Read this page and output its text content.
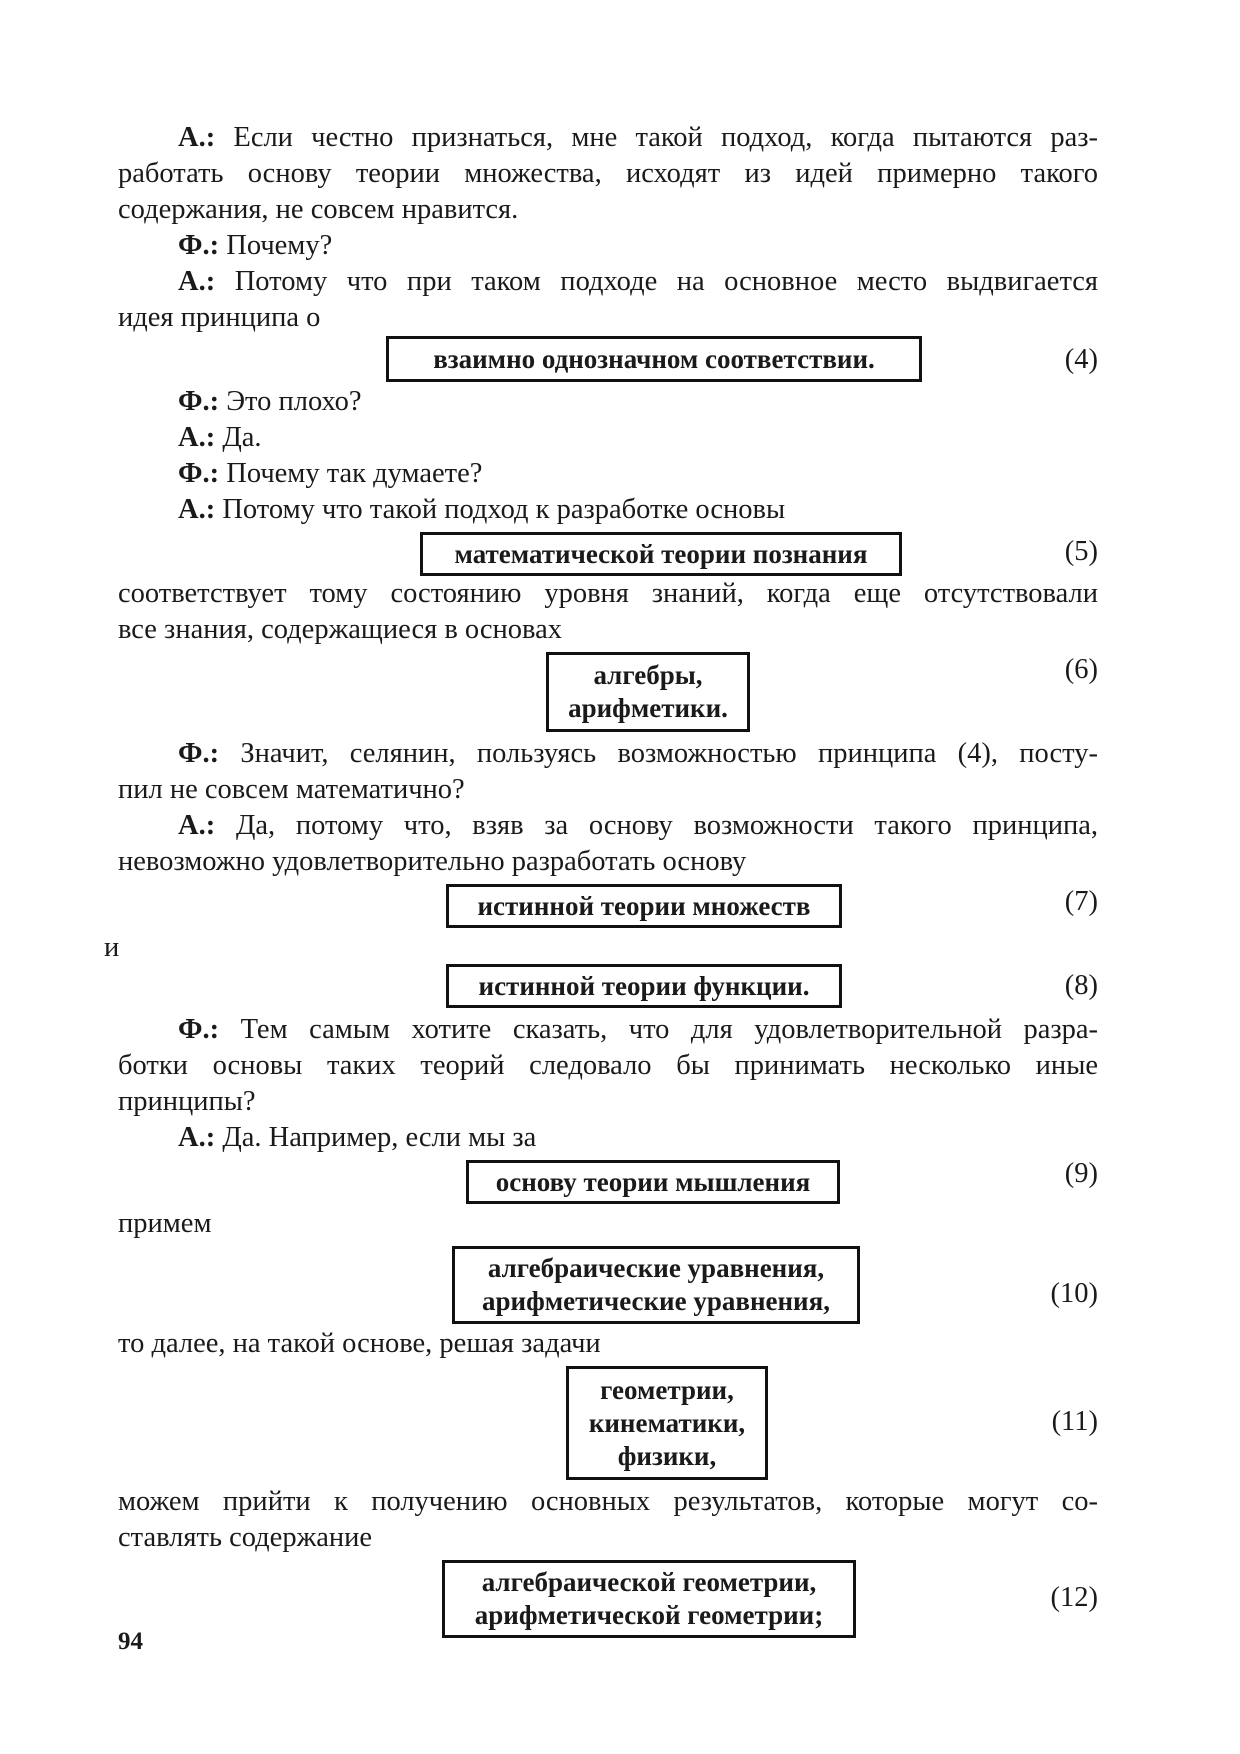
А.: Если честно признаться, мне такой подход, когда пытаются раз-
работать основу теории множества, исходят из идей примерно такого
содержания, не совсем нравится.
Ф.: Почему?
А.: Потому что при таком подходе на основное место выдвигается
идея принципа о
взаимно однозначном соответствии.	(4)
Ф.: Это плохо?
А.: Да.
Ф.: Почему так думаете?
А.: Потому что такой подход к разработке основы
математической теории познания	(5)
соответствует тому состоянию уровня знаний, когда еще отсутствовали
все знания, содержащиеся в основах
алгебры,
арифметики.
(6)
Ф.: Значит, селянин, пользуясь возможностью принципа (4), посту-
пил не совсем математично?
А.: Да, потому что, взяв за основу возможности такого принципа,
невозможно удовлетворительно разработать основу
истинной теории множеств	(7)
и
истинной теории функции.	(8)
Ф.: Тем самым хотите сказать, что для удовлетворительной разра-
ботки основы таких теорий следовало бы принимать несколько иные
принципы?
А.: Да. Например, если мы за
основу теории мышления	(9)
примем
алгебраические уравнения,
арифметические уравнения,	(10)
то далее, на такой основе, решая задачи
геометрии,
кинематики,
физики,
(11)
можем прийти к получению основных результатов, которые могут со-
ставлять содержание
алгебраической геометрии,
арифметической геометрии;
(12)
94
